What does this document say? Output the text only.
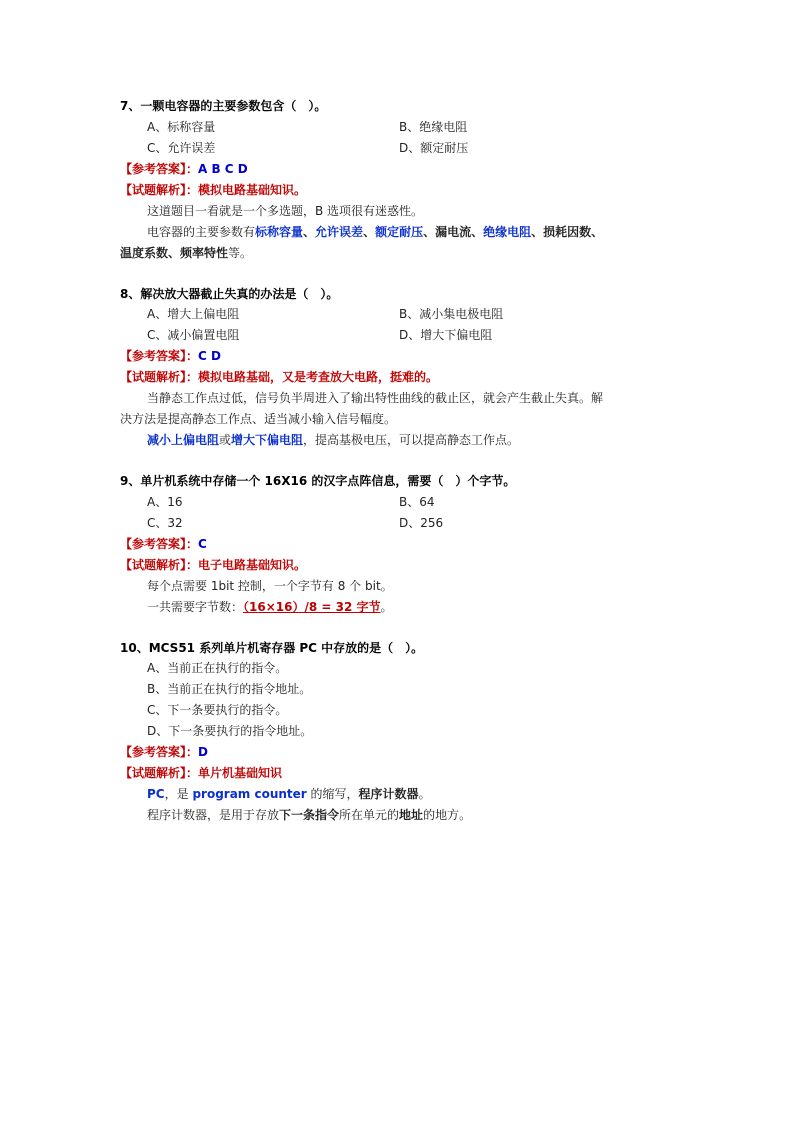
7、一颗电容器的主要参数包含（　）。
A、标称容量	B、绝缘电阻
C、允许误差	D、额定耐压
【参考答案】：A B C D
【试题解析】：模拟电路基础知识。
这道题目一看就是一个多选题，B 选项很有迷惑性。
电容器的主要参数有标称容量、允许误差、额定耐压、漏电流、绝缘电阻、损耗因数、
温度系数、频率特性等。
8、解决放大器截止失真的办法是（　）。
A、增大上偏电阻	B、减小集电极电阻
C、减小偏置电阻	D、增大下偏电阻
【参考答案】：C D
【试题解析】：模拟电路基础，又是考查放大电路，挺难的。
当静态工作点过低，信号负半周进入了输出特性曲线的截止区，就会产生截止失真。解
决方法是提高静态工作点、适当减小输入信号幅度。
减小上偏电阻或增大下偏电阻，提高基极电压，可以提高静态工作点。
9、单片机系统中存储一个 16X16 的汉字点阵信息，需要（　）个字节。
A、16	B、64
C、32	D、256
【参考答案】：C
【试题解析】：电子电路基础知识。
每个点需要 1bit 控制，一个字节有 8 个 bit。
一共需要字节数：（16×16）/8 = 32 字节。
10、MCS51 系列单片机寄存器 PC 中存放的是（　）。
A、当前正在执行的指令。
B、当前正在执行的指令地址。
C、下一条要执行的指令。
D、下一条要执行的指令地址。
【参考答案】：D
【试题解析】：单片机基础知识
PC，是 program counter 的缩写，程序计数器。
程序计数器，是用于存放下一条指令所在单元的地址的地方。
